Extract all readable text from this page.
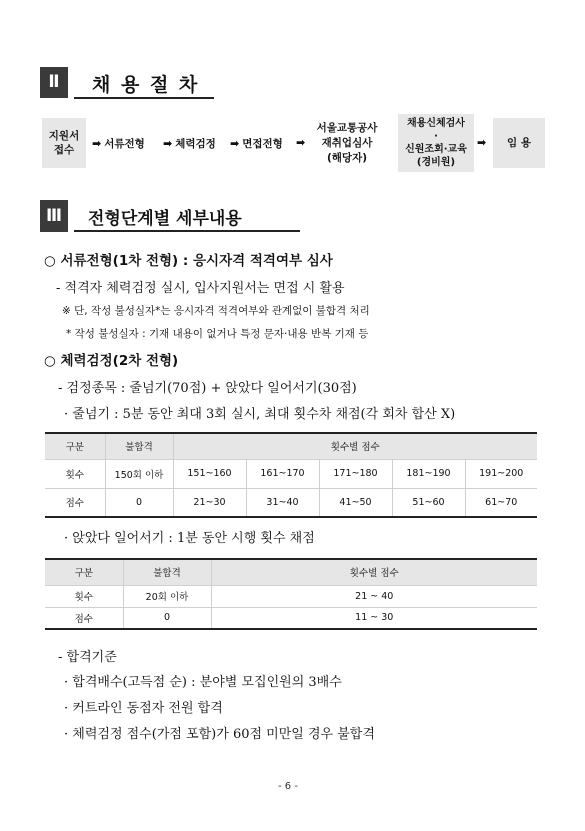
Ⅱ	채 용 절 차
지원서
접수	➡ 서류전형 ➡ 체력검정 ➡ 면접전형 ➡
서울교통공사
재취업심사
(해당자)
채용신체검사
·
신원조회·교육
(경비원)
➡	임 용
Ⅲ	전형단계별 세부내용
○ 서류전형(1차 전형) : 응시자격 적격여부 심사
- 적격자 체력검정 실시, 입사지원서는 면접 시 활용
※ 단, 작성 불성실자*는 응시자격 적격여부와 관계없이 불합격 처리
* 작성 불성실자 : 기재 내용이 없거나 특정 문자·내용 반복 기재 등
○ 체력검정(2차 전형)
- 검정종목 : 줄넘기(70점) + 앉았다 일어서기(30점)
· 줄넘기 : 5분 동안 최대 3회 실시, 최대 횟수차 채점(각 회차 합산 X)
구분	불합격	횟수별 점수				
횟수	150회 이하	151~160	161~170	171~180	181~190	191~200
점수	0	21~30	31~40	41~50	51~60	61~70
· 앉았다 일어서기 : 1분 동안 시행 횟수 채점
구분	불합격	횟수별 점수
횟수	20회 이하	21 ~ 40
점수	0	11 ~ 30
- 합격기준
· 합격배수(고득점 순) : 분야별 모집인원의 3배수
· 커트라인 동점자 전원 합격
· 체력검정 점수(가점 포함)가 60점 미만일 경우 불합격
- 6 -
